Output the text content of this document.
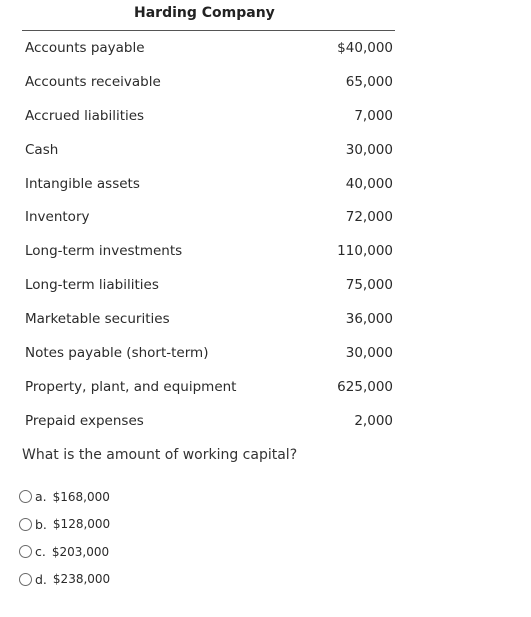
Harding Company
Accounts payable	$40,000
Accounts receivable	65,000
Accrued liabilities	7,000
Cash	30,000
Intangible assets	40,000
Inventory	72,000
Long-term investments	110,000
Long-term liabilities	75,000
Marketable securities	36,000
Notes payable (short-term)	30,000
Property, plant, and equipment	625,000
Prepaid expenses	2,000
What is the amount of working capital?
a. $168,000
b. $128,000
c. $203,000
d. $238,000
